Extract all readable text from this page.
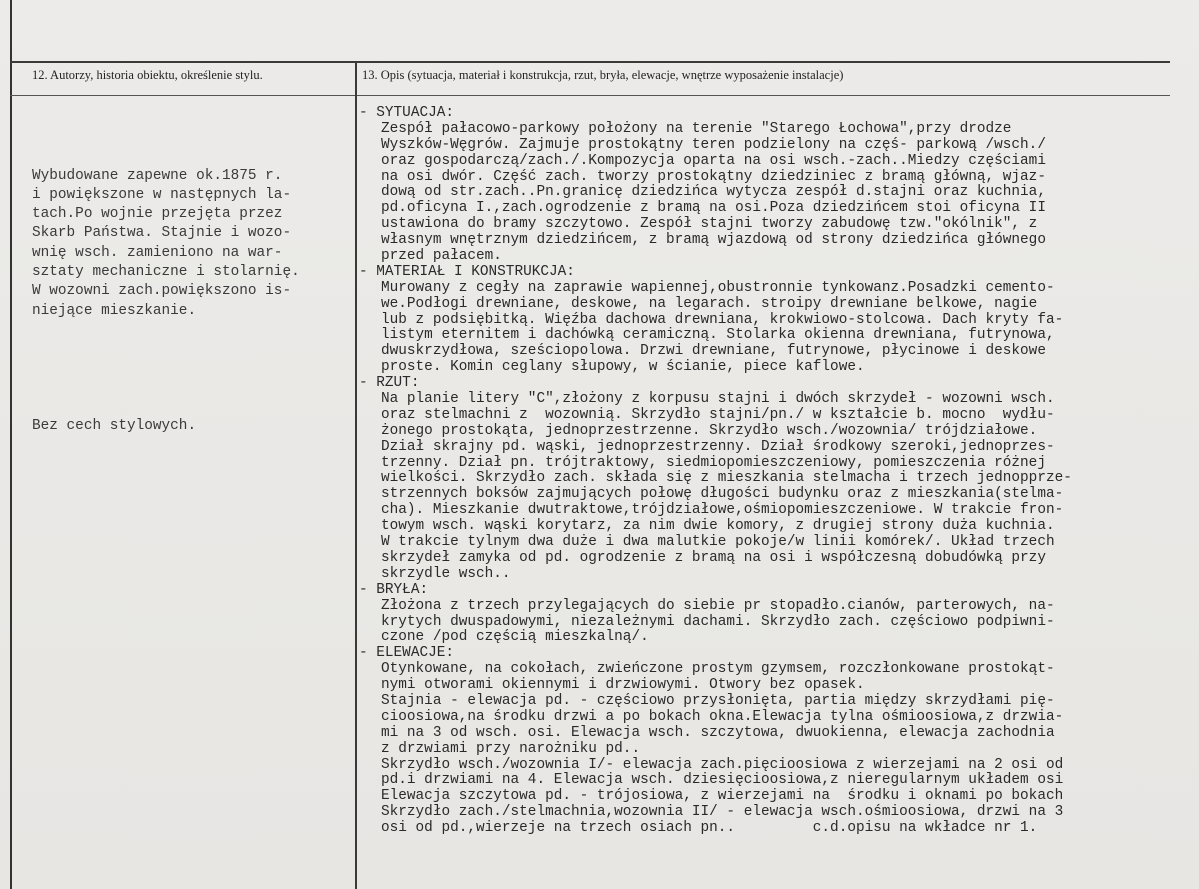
12. Autorzy, historia obiektu, określenie stylu.	13. Opis (sytuacja, materiał i konstrukcja, rzut, bryła, elewacje, wnętrze wyposażenie instalacje)

Wybudowane zapewne ok.1875 r.
i powiększone w następnych la-
tach.Po wojnie przejęta przez
Skarb Państwa. Stajnie i wozo-
wnię wsch. zamieniono na war-
sztaty mechaniczne i stolarnię.
W wozowni zach.powiększono is-
niejące mieszkanie.

Bez cech stylowych.

- SYTUACJA:
Zespół pałacowo-parkowy położony na terenie "Starego Łochowa",przy drodze
Wyszków-Węgrów. Zajmuje prostokątny teren podzielony na częś- parkową /wsch./
oraz gospodarczą/zach./.Kompozycja oparta na osi wsch.-zach..Miedzy częściami
na osi dwór. Część zach. tworzy prostokątny dziedziniec z bramą główną, wjaz-
dową od str.zach..Pn.granicę dziedzińca wytycza zespół d.stajni oraz kuchnia,
pd.oficyna I.,zach.ogrodzenie z bramą na osi.Poza dziedzińcem stoi oficyna II
ustawiona do bramy szczytowo. Zespół stajni tworzy zabudowę tzw."okólnik", z
własnym wnętrznym dziedzińcem, z bramą wjazdową od strony dziedzińca głównego
przed pałacem.
- MATERIAŁ I KONSTRUKCJA:
Murowany z cegły na zaprawie wapiennej,obustronnie tynkowanz.Posadzki cemento-
we.Podłogi drewniane, deskowe, na legarach. stroipy drewniane belkowe, nagie
lub z podsiębitką. Więźba dachowa drewniana, krokwiowo-stolcowa. Dach kryty fa-
listym eternitem i dachówką ceramiczną. Stolarka okienna drewniana, futrynowa,
dwuskrzydłowa, sześciopolowa. Drzwi drewniane, futrynowe, płycinowe i deskowe
proste. Komin ceglany słupowy, w ścianie, piece kaflowe.
- RZUT:
Na planie litery "C",złożony z korpusu stajni i dwóch skrzydeł - wozowni wsch.
oraz stelmachni z  wozownią. Skrzydło stajni/pn./ w kształcie b. mocno  wydłu-
żonego prostokąta, jednoprzestrzenne. Skrzydło wsch./wozownia/ trójdziałowe.
Dział skrajny pd. wąski, jednoprzestrzenny. Dział środkowy szeroki,jednoprzes-
trzenny. Dział pn. trójtraktowy, siedmiopomieszczeniowy, pomieszczenia różnej
wielkości. Skrzydło zach. składa się z mieszkania stelmacha i trzech jednopprze-
strzennych boksów zajmujących połowę długości budynku oraz z mieszkania(stelma-
cha). Mieszkanie dwutraktowe,trójdziałowe,ośmiopomieszczeniowe. W trakcie fron-
towym wsch. wąski korytarz, za nim dwie komory, z drugiej strony duża kuchnia.
W trakcie tylnym dwa duże i dwa malutkie pokoje/w linii komórek/. Układ trzech
skrzydeł zamyka od pd. ogrodzenie z bramą na osi i współczesną dobudówką przy
skrzydle wsch..
- BRYŁA:
Złożona z trzech przylegających do siebie pr stopadło.cianów, parterowych, na-
krytych dwuspadowymi, niezależnymi dachami. Skrzydło zach. częściowo podpiwni-
czone /pod częścią mieszkalną/.
- ELEWACJE:
Otynkowane, na cokołach, zwieńczone prostym gzymsem, rozczłonkowane prostokąt-
nymi otworami okiennymi i drzwiowymi. Otwory bez opasek.
Stajnia - elewacja pd. - częściowo przysłonięta, partia między skrzydłami pię-
cioosiowa,na środku drzwi a po bokach okna.Elewacja tylna ośmioosiowa,z drzwia-
mi na 3 od wsch. osi. Elewacja wsch. szczytowa, dwuokienna, elewacja zachodnia
z drzwiami przy narożniku pd..
Skrzydło wsch./wozownia I/- elewacja zach.pięcioosiowa z wierzejami na 2 osi od
pd.i drzwiami na 4. Elewacja wsch. dziesięcioosiowa,z nieregularnym układem osi
Elewacja szczytowa pd. - trójosiowa, z wierzejami na  środku i oknami po bokach
Skrzydło zach./stelmachnia,wozownia II/ - elewacja wsch.ośmioosiowa, drzwi na 3
osi od pd.,wierzeje na trzech osiach pn..         c.d.opisu na wkładce nr 1.
